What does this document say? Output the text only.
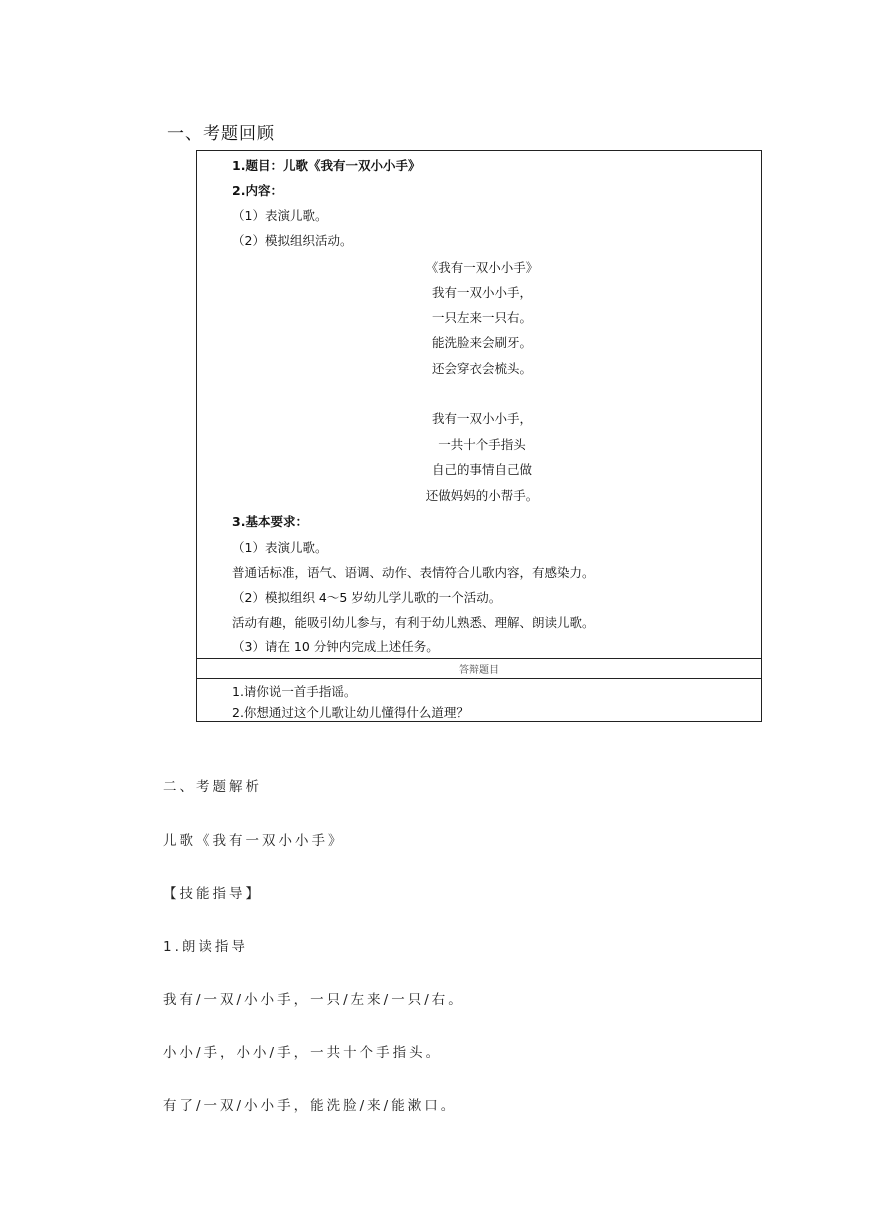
一、考题回顾
1.题目：儿歌《我有一双小小手》
2.内容：
（1）表演儿歌。
（2）模拟组织活动。
《我有一双小小手》
我有一双小小手，
一只左来一只右。
能洗脸来会刷牙。
还会穿衣会梳头。
我有一双小小手，
一共十个手指头
自己的事情自己做
还做妈妈的小帮手。
3.基本要求：
（1）表演儿歌。
普通话标准，语气、语调、动作、表情符合儿歌内容，有感染力。
（2）模拟组织 4～5 岁幼儿学儿歌的一个活动。
活动有趣，能吸引幼儿参与，有利于幼儿熟悉、理解、朗读儿歌。
（3）请在 10 分钟内完成上述任务。
答辩题目
1.请你说一首手指谣。
2.你想通过这个儿歌让幼儿懂得什么道理？
二、考题解析
儿歌《我有一双小小手》
【技能指导】
1.朗读指导
我有/一双/小小手，一只/左来/一只/右。
小小/手，小小/手，一共十个手指头。
有了/一双/小小手，能洗脸/来/能漱口。
